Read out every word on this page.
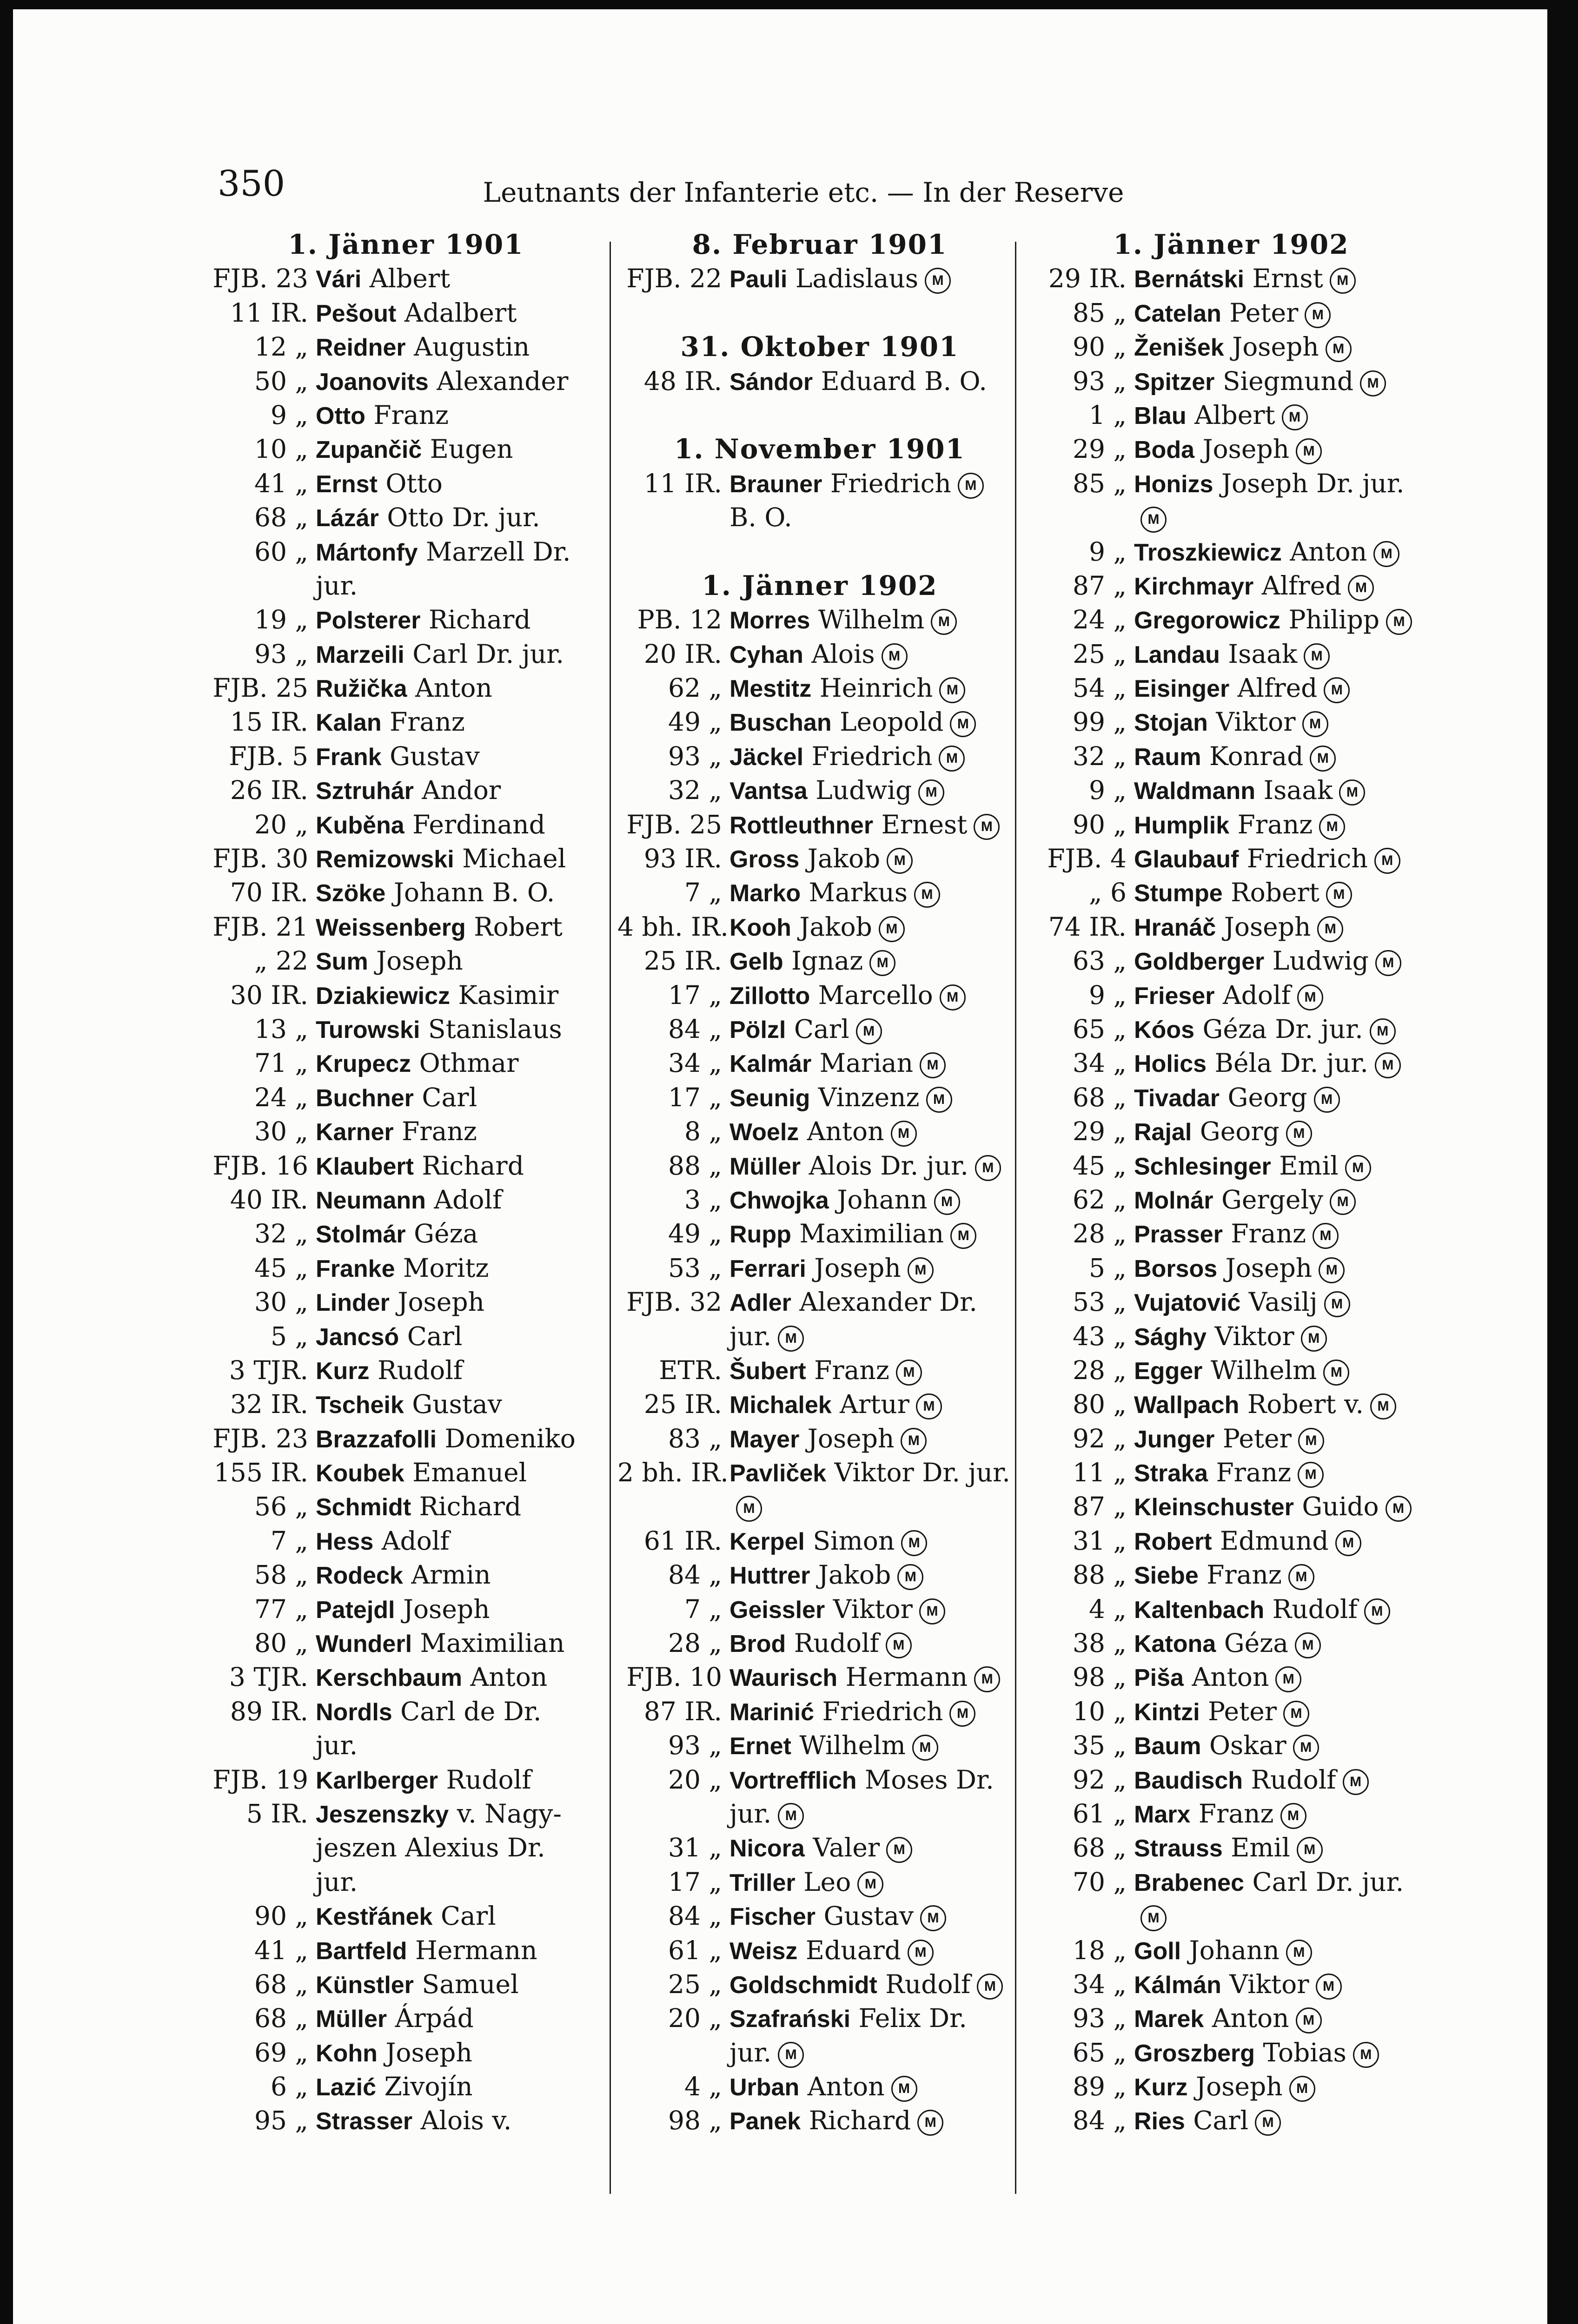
350	Leutnants der Infanterie etc. — In der Reserve
1. Jänner 1901
FJB. 23 Vári Albert
11 IR. Pešout Adalbert
12 „ Reidner Augustin
50 „ Joanovits Alexander
9 „ Otto Franz
10 „ Zupančič Eugen
41 „ Ernst Otto
68 „ Lázár Otto Dr. jur.
60 „ Mártonfy Marzell Dr.
jur.
19 „ Polsterer Richard
93 „ Marzeili Carl Dr. jur.
FJB. 25 Ružička Anton
15 IR. Kalan Franz
FJB. 5 Frank Gustav
26 IR. Sztruhár Andor
20 „ Kuběna Ferdinand
FJB. 30 Remizowski Michael
70 IR. Szöke Johann B. O.
FJB. 21 Weissenberg Robert
„ 22 Sum Joseph
30 IR. Dziakiewicz Kasimir
13 „ Turowski Stanislaus
71 „ Krupecz Othmar
24 „ Buchner Carl
30 „ Karner Franz
FJB. 16 Klaubert Richard
40 IR. Neumann Adolf
32 „ Stolmár Géza
45 „ Franke Moritz
30 „ Linder Joseph
5 „ Jancsó Carl
3 TJR. Kurz Rudolf
32 IR. Tscheik Gustav
FJB. 23 Brazzafolli Domeniko
155 IR. Koubek Emanuel
56 „ Schmidt Richard
7 „ Hess Adolf
58 „ Rodeck Armin
77 „ Patejdl Joseph
80 „ Wunderl Maximilian
3 TJR. Kerschbaum Anton
89 IR. Nordls Carl de Dr.
jur.
FJB. 19 Karlberger Rudolf
5 IR. Jeszenszky v. Nagy-
jeszen Alexius Dr.
jur.
90 „ Kestřánek Carl
41 „ Bartfeld Hermann
68 „ Künstler Samuel
68 „ Müller Árpád
69 „ Kohn Joseph
6 „ Lazić Zivojín
95 „ Strasser Alois v.
8. Februar 1901
FJB. 22 Pauli Ladislaus M
31. Oktober 1901
48 IR. Sándor Eduard B. O.
1. November 1901
11 IR. Brauner Friedrich M
B. O.
1. Jänner 1902
PB. 12 Morres Wilhelm M
20 IR. Cyhan Alois M
62 „ Mestitz Heinrich M
49 „ Buschan Leopold M
93 „ Jäckel Friedrich M
32 „ Vantsa Ludwig M
FJB. 25 Rottleuthner Ernest M
93 IR. Gross Jakob M
7 „ Marko Markus M
4 bh. IR.Kooh Jakob M
25 IR. Gelb Ignaz M
17 „ Zillotto Marcello M
84 „ Pölzl Carl M
34 „ Kalmár Marian M
17 „ Seunig Vinzenz M
8 „ Woelz Anton M
88 „ Müller Alois Dr. jur. M
3 „ Chwojka Johann M
49 „ Rupp Maximilian M
53 „ Ferrari Joseph M
FJB. 32 Adler Alexander Dr.
jur. M
ETR. Šubert Franz M
25 IR. Michalek Artur M
83 „ Mayer Joseph M
2 bh. IR.Pavliček Viktor Dr. jur.
M
61 IR. Kerpel Simon M
84 „ Huttrer Jakob M
7 „ Geissler Viktor M
28 „ Brod Rudolf M
FJB. 10 Waurisch Hermann M
87 IR. Marinić Friedrich M
93 „ Ernet Wilhelm M
20 „ Vortrefflich Moses Dr.
jur. M
31 „ Nicora Valer M
17 „ Triller Leo M
84 „ Fischer Gustav M
61 „ Weisz Eduard M
25 „ Goldschmidt Rudolf M
20 „ Szafrański Felix Dr.
jur. M
4 „ Urban Anton M
98 „ Panek Richard M
1. Jänner 1902
29 IR. Bernátski Ernst M
85 „ Catelan Peter M
90 „ Ženišek Joseph M
93 „ Spitzer Siegmund M
1 „ Blau Albert M
29 „ Boda Joseph M
85 „ Honizs Joseph Dr. jur.
M
9 „ Troszkiewicz Anton M
87 „ Kirchmayr Alfred M
24 „ Gregorowicz Philipp M
25 „ Landau Isaak M
54 „ Eisinger Alfred M
99 „ Stojan Viktor M
32 „ Raum Konrad M
9 „ Waldmann Isaak M
90 „ Humplik Franz M
FJB. 4 Glaubauf Friedrich M
„ 6 Stumpe Robert M
74 IR. Hranáč Joseph M
63 „ Goldberger Ludwig M
9 „ Frieser Adolf M
65 „ Kóos Géza Dr. jur. M
34 „ Holics Béla Dr. jur. M
68 „ Tivadar Georg M
29 „ Rajal Georg M
45 „ Schlesinger Emil M
62 „ Molnár Gergely M
28 „ Prasser Franz M
5 „ Borsos Joseph M
53 „ Vujatović Vasilj M
43 „ Sághy Viktor M
28 „ Egger Wilhelm M
80 „ Wallpach Robert v. M
92 „ Junger Peter M
11 „ Straka Franz M
87 „ Kleinschuster Guido M
31 „ Robert Edmund M
88 „ Siebe Franz M
4 „ Kaltenbach Rudolf M
38 „ Katona Géza M
98 „ Piša Anton M
10 „ Kintzi Peter M
35 „ Baum Oskar M
92 „ Baudisch Rudolf M
61 „ Marx Franz M
68 „ Strauss Emil M
70 „ Brabenec Carl Dr. jur.
M
18 „ Goll Johann M
34 „ Kálmán Viktor M
93 „ Marek Anton M
65 „ Groszberg Tobias M
89 „ Kurz Joseph M
84 „ Ries Carl M
